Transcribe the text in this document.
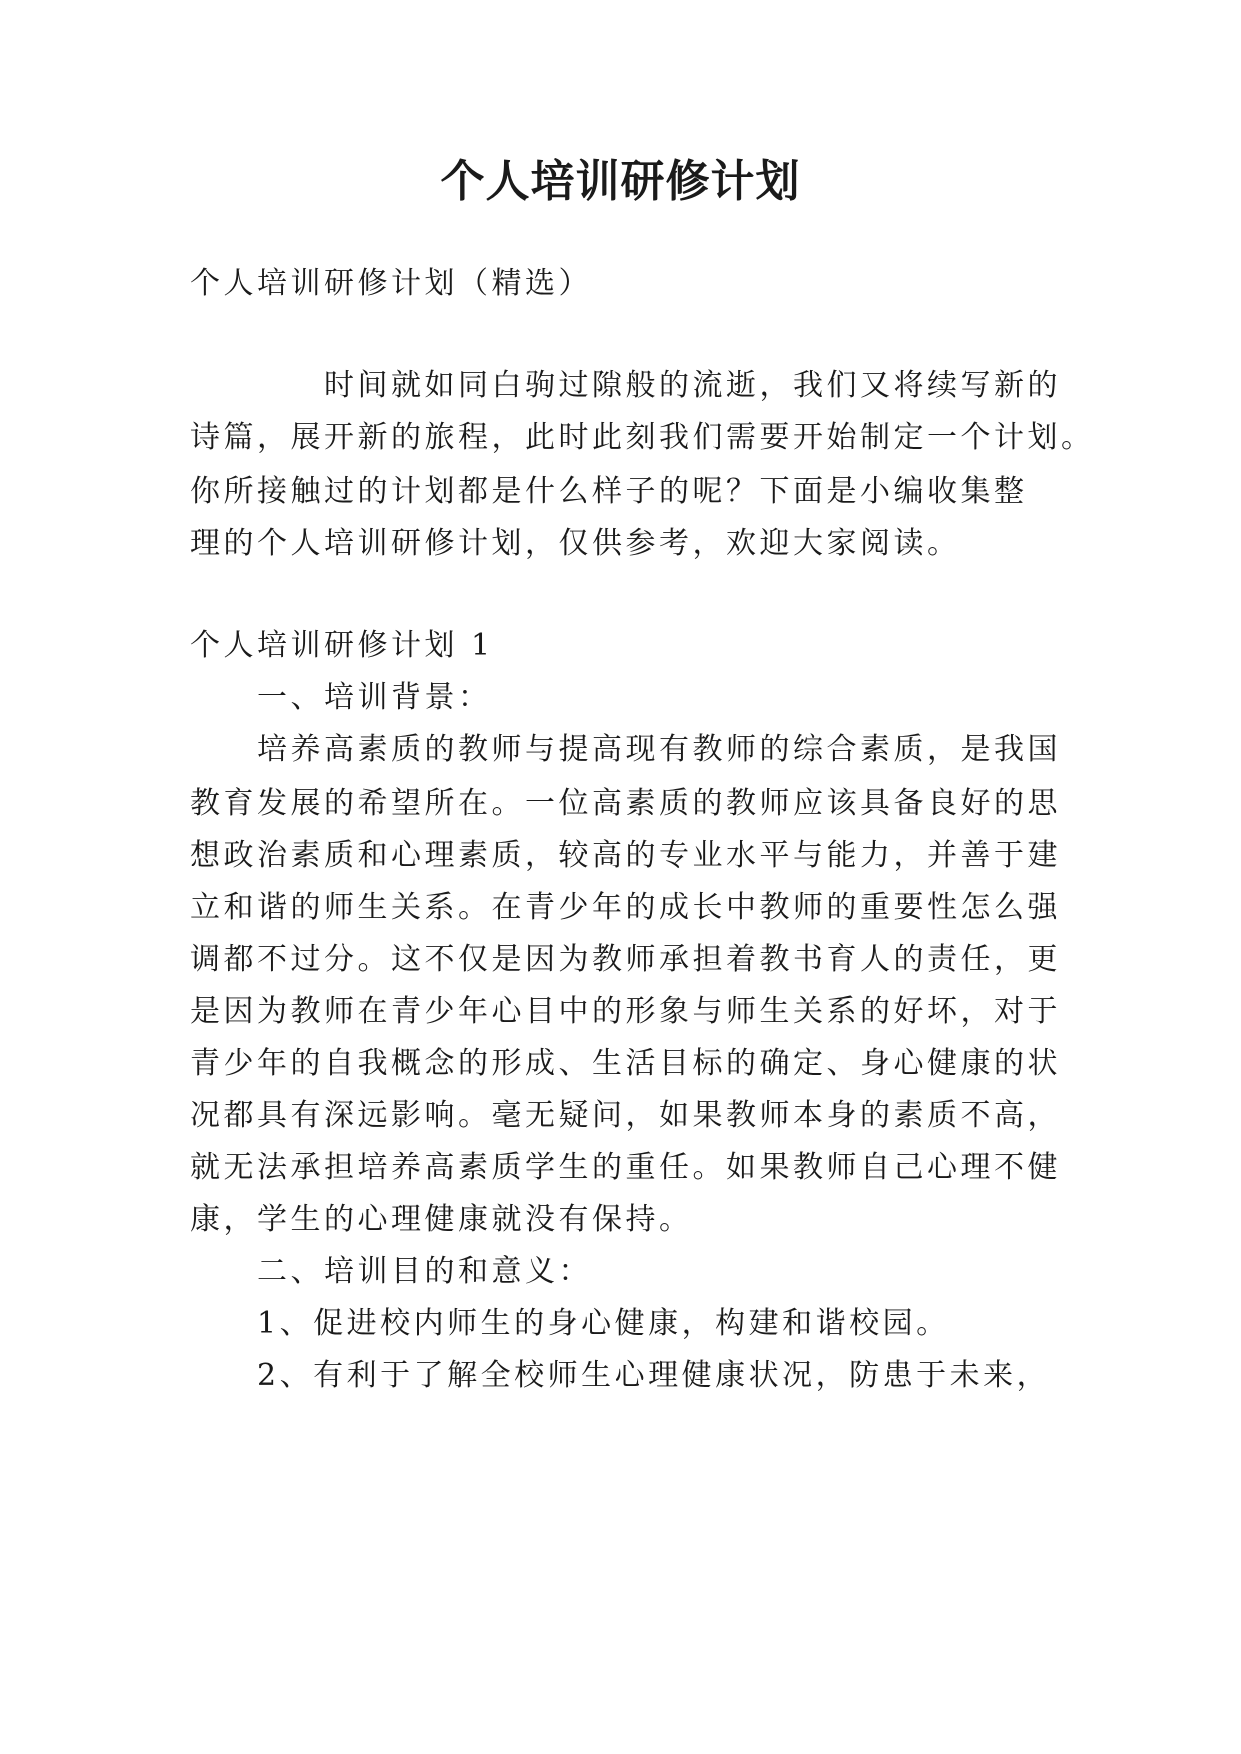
个人培训研修计划

个人培训研修计划（精选）

　　　　时间就如同白驹过隙般的流逝，我们又将续写新的

诗篇，展开新的旅程，此时此刻我们需要开始制定一个计划。

你所接触过的计划都是什么样子的呢？下面是小编收集整

理的个人培训研修计划，仅供参考，欢迎大家阅读。

个人培训研修计划 1

　　一、培训背景：

　　培养高素质的教师与提高现有教师的综合素质，是我国

教育发展的希望所在。一位高素质的教师应该具备良好的思

想政治素质和心理素质，较高的专业水平与能力，并善于建

立和谐的师生关系。在青少年的成长中教师的重要性怎么强

调都不过分。这不仅是因为教师承担着教书育人的责任，更

是因为教师在青少年心目中的形象与师生关系的好坏，对于

青少年的自我概念的形成、生活目标的确定、身心健康的状

况都具有深远影响。毫无疑问，如果教师本身的素质不高，

就无法承担培养高素质学生的重任。如果教师自己心理不健

康，学生的心理健康就没有保持。

　　二、培训目的和意义：

　　1、促进校内师生的身心健康，构建和谐校园。

　　2、有利于了解全校师生心理健康状况，防患于未来，
